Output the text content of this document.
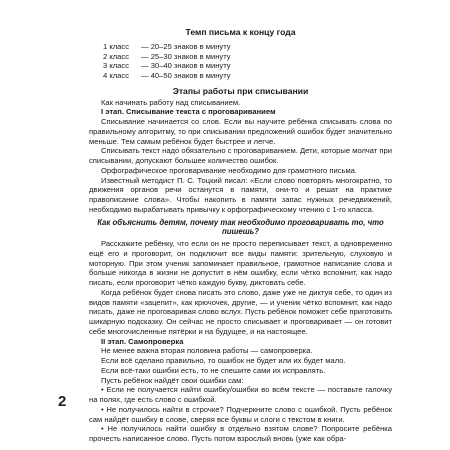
2
Темп письма к концу года
1 класс	— 20–25 знаков в минуту
2 класс	— 25–30 знаков в минуту
3 класс	— 30–40 знаков в минуту
4 класс	— 40–50 знаков в минуту
Этапы работы при списывании

Как начинать работу над списыванием.

I этап. Списывание текста с проговариванием

Списывание начинается со слов. Если вы научите ребёнка списывать слова по правильному алгоритму, то при списывании предложений ошибок будет значительно меньше. Тем самым ребёнок будет быстрее и легче.

Списывать текст надо обязательно с проговариванием. Дети, которые молчат при списывании, допускают большее количество ошибок.

Орфографическое проговаривание необходимо для грамотного письма.

Известный методист П. С. Тоцкий писал: «Если слово повторять многократно, то движения органов речи останутся в памяти, они-то и решат на практике правописание слова». Чтобы накопить в памяти запас нужных речедвижений, необходимо вырабатывать привычку к орфографическому чтению с 1-го класса.

Как объяснить детям, почему так необходимо проговаривать то, что пишешь?

Расскажите ребёнку, что если он не просто переписывает текст, а одновременно ещё его и проговорит, он подключит все виды памяти: зрительную, слуховую и моторную. При этом ученик запоминает правильное, грамотное написание слова и больше никогда в жизни не допустит в нём ошибку, если чётко вспомнит, как надо писать, если проговорит чётко каждую букву, диктовать себе.

Когда ребёнок будет снова писать это слово, даже уже не диктуя себе, то один из видов памяти «зацепит», как крючочек, другие, — и ученик чётко вспомнит, как надо писать, даже не проговаривая слово вслух. Пусть ребёнок поможет себе приготовить шикарную подсказку. Он сейчас не просто списывает и проговаривает — он готовит себе многочисленные пятёрки и на будущее, и на настоящее.

II этап. Самопроверка

Не менее важна вторая половина работы — самопроверка.

Если всё сделано правильно, то ошибок не будет или их будет мало.

Если всё-таки ошибки есть, то не спешите сами их исправлять.

Пусть ребёнок найдёт свои ошибки сам:

• Если не получается найти ошибку/ошибки во всём тексте — поставьте галочку на полях, где есть слово с ошибкой.

• Не получилось найти в строчке? Подчеркните слово с ошибкой. Пусть ребёнок сам найдёт ошибку в слове, сверяя все буквы и слоги с текстом в книги.

• Не получилось найти ошибку в отдельно взятом слове? Попросите ребёнка прочесть написанное слово. Пусть потом взрослый вновь (уже как обра-
